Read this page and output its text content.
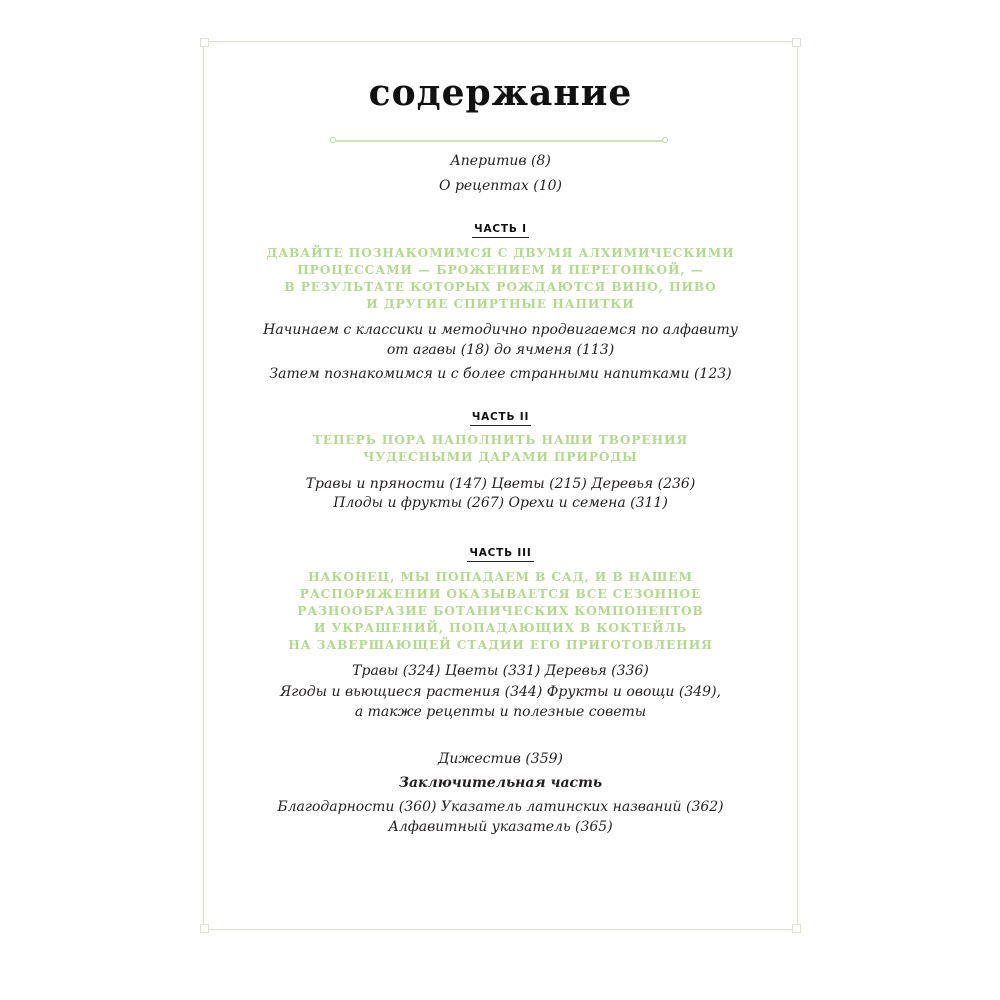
содержание

Аперитив (8)

О рецептах (10)

ЧАСТЬ I

ДАВАЙТЕ ПОЗНАКОМИМСЯ С ДВУМЯ АЛХИМИЧЕСКИМИ

ПРОЦЕССАМИ — БРОЖЕНИЕМ И ПЕРЕГОНКОЙ, —

В РЕЗУЛЬТАТЕ КОТОРЫХ РОЖДАЮТСЯ ВИНО, ПИВО

И ДРУГИЕ СПИРТНЫЕ НАПИТКИ

Начинаем с классики и методично продвигаемся по алфавиту

от агавы (18) до ячменя (113)

Затем познакомимся и с более странными напитками (123)

ЧАСТЬ II

ТЕПЕРЬ ПОРА НАПОЛНИТЬ НАШИ ТВОРЕНИЯ

ЧУДЕСНЫМИ ДАРАМИ ПРИРОДЫ

Травы и пряности (147) Цветы (215) Деревья (236)

Плоды и фрукты (267) Орехи и семена (311)

ЧАСТЬ III

НАКОНЕЦ, МЫ ПОПАДАЕМ В САД, И В НАШЕМ

РАСПОРЯЖЕНИИ ОКАЗЫВАЕТСЯ ВСЕ СЕЗОННОЕ

РАЗНООБРАЗИЕ БОТАНИЧЕСКИХ КОМПОНЕНТОВ

И УКРАШЕНИЙ, ПОПАДАЮЩИХ В КОКТЕЙЛЬ

НА ЗАВЕРШАЮЩЕЙ СТАДИИ ЕГО ПРИГОТОВЛЕНИЯ

Травы (324) Цветы (331) Деревья (336)

Ягоды и вьющиеся растения (344) Фрукты и овощи (349),

а также рецепты и полезные советы

Дижестив (359)

Заключительная часть

Благодарности (360) Указатель латинских названий (362)

Алфавитный указатель (365)
